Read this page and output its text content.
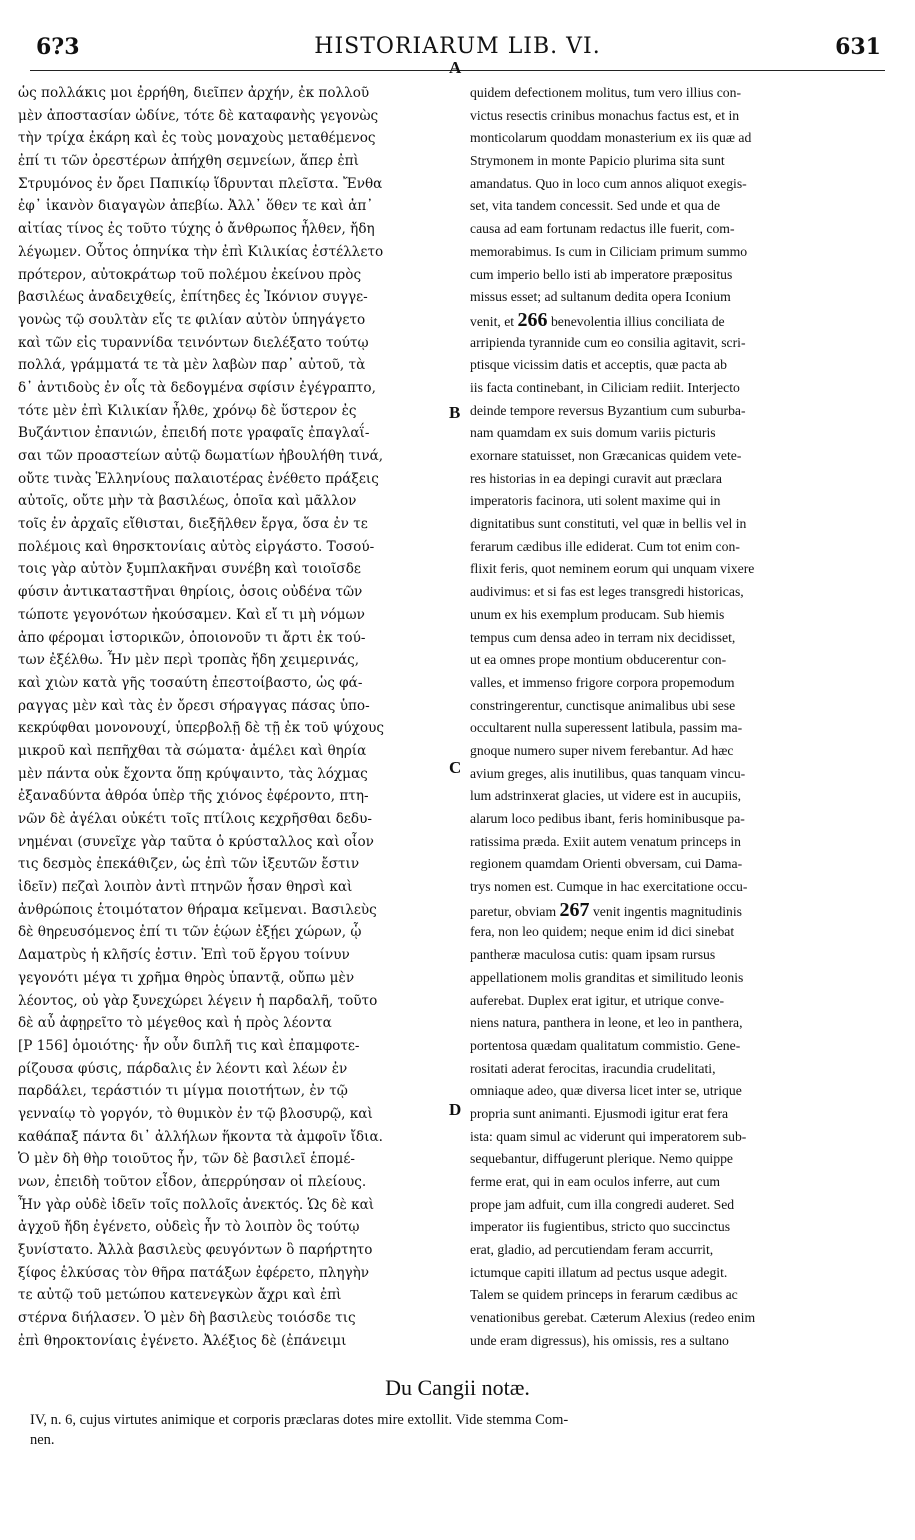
6?3	HISTORIARUM LIB. VI.	631
ὡς πολλάκις μοι ἐρρήθη, διεῖπεν ἀρχήν, ἐκ πολλοῦ
μὲν ἀποστασίαν ὠδίνε, τότε δὲ καταφανὴς γεγονὼς
τὴν τρίχα ἐκάρη καὶ ἐς τοὺς μοναχοὺς μεταθέμενος
ἐπί τι τῶν ὀρεστέρων ἀπήχθη σεμνείων, ἅπερ ἐπὶ
Στρυμόνος ἐν ὄρει Παπικίῳ ἵδρυνται πλεῖστα. Ἔνθα
ἐφ᾽ ἱκανὸν διαγαγὼν ἀπεβίω. Ἀλλ᾽ ὅθεν τε καὶ ἀπ᾽
αἰτίας τίνος ἐς τοῦτο τύχης ὁ ἄνθρωπος ἦλθεν, ἤδη
λέγωμεν. Οὗτος ὁπηνίκα τὴν ἐπὶ Κιλικίας ἐστέλλετο
πρότερον, αὐτοκράτωρ τοῦ πολέμου ἐκείνου πρὸς
βασιλέως ἀναδειχθείς, ἐπίτηδες ἐς Ἰκόνιον συγγε-
γονὼς τῷ σουλτὰν εἴς τε φιλίαν αὐτὸν ὑπηγάγετο
καὶ τῶν εἰς τυραννίδα τεινόντων διελέξατο τούτῳ
πολλά, γράμματά τε τὰ μὲν λαβὼν παρ᾽ αὐτοῦ, τὰ
δ᾽ ἀντιδοὺς ἐν οἷς τὰ δεδογμένα σφίσιν ἐγέγραπτο,
τότε μὲν ἐπὶ Κιλικίαν ἦλθε, χρόνῳ δὲ ὕστερον ἐς
Βυζάντιον ἐπανιών, ἐπειδή ποτε γραφαῖς ἐπαγλαΐ-
σαι τῶν προαστείων αὐτῷ δωματίων ἠβουλήθη τινά,
οὔτε τινὰς Ἑλληνίους παλαιοτέρας ἐνέθετο πράξεις
αὐτοῖς, οὔτε μὴν τὰ βασιλέως, ὁποῖα καὶ μᾶλλον
τοῖς ἐν ἀρχαῖς εἴθισται, διεξῆλθεν ἔργα, ὅσα ἐν τε
πολέμοις καὶ θηρσκτονίαις αὐτὸς εἰργάστο. Τοσού-
τοις γὰρ αὐτὸν ξυμπλακῆναι συνέβη καὶ τοιοῖσδε
φύσιν ἀντικαταστῆναι θηρίοις, ὁσοις οὐδένα τῶν
τώποτε γεγονότων ἠκούσαμεν. Καὶ εἴ τι μὴ νόμων
ἀπο φέρομαι ἱστορικῶν, ὁποιονοῦν τι ἄρτι ἐκ τού-
των ἐξέλθω. Ἦν μὲν περὶ τροπὰς ἤδη χειμερινάς,
καὶ χιὼν κατὰ γῆς τοσαύτη ἐπεστοίβαστο, ὡς φά-
ραγγας μὲν καὶ τὰς ἐν ὄρεσι σήραγγας πάσας ὑπο-
κεκρύφθαι μονονουχί, ὑπερβολῇ δὲ τῇ ἐκ τοῦ ψύχους
μικροῦ καὶ πεπῆχθαι τὰ σώματα· ἀμέλει καὶ θηρία
μὲν πάντα οὐκ ἔχοντα ὅπῃ κρύψαιντο, τὰς λόχμας
ἐξαναδύντα ἀθρόα ὑπὲρ τῆς χιόνος ἐφέροντο, πτη-
νῶν δὲ ἀγέλαι οὐκέτι τοῖς πτίλοις κεχρῆσθαι δεδυ-
νημέναι (συνεῖχε γὰρ ταῦτα ὁ κρύσταλλος καὶ οἷον
τις δεσμὸς ἐπεκάθιζεν, ὡς ἐπὶ τῶν ἰξευτῶν ἔστιν
ἰδεῖν) πεζαὶ λοιπὸν ἀντὶ πτηνῶν ἦσαν θηρσὶ καὶ
ἀνθρώποις ἑτοιμότατον θήραμα κεῖμεναι. Βασιλεὺς
δὲ θηρευσόμενος ἐπί τι τῶν ἑῴων ἐξῄει χώρων, ᾧ
Δαματρὺς ἡ κλῆσίς ἐστιν. Ἐπὶ τοῦ ἔργου τοίνυν
γεγονότι μέγα τι χρῆμα θηρὸς ὑπαντᾷ, οὔπω μὲν
λέοντος, οὐ γὰρ ξυνεχώρει λέγειν ἡ παρδαλῆ, τοῦτο
δὲ αὖ ἀφῃρεῖτο τὸ μέγεθος καὶ ἡ πρὸς λέοντα
[P 156] ὁμοιότης· ἦν οὖν διπλῆ τις καὶ ἐπαμφοτε-
ρίζουσα φύσις, πάρδαλις ἐν λέοντι καὶ λέων ἐν
παρδάλει, τεράστιόν τι μίγμα ποιοτήτων, ἐν τῷ
γενναίῳ τὸ γοργόν, τὸ θυμικὸν ἐν τῷ βλοσυρῷ, καὶ
καθάπαξ πάντα δι᾽ ἀλλήλων ἥκοντα τὰ ἀμφοῖν ἴδια.
Ὁ μὲν δὴ θὴρ τοιοῦτος ἦν, τῶν δὲ βασιλεῖ ἑπομέ-
νων, ἐπειδὴ τοῦτον εἶδον, ἀπερρύησαν οἱ πλείους.
Ἦν γὰρ οὐδὲ ἰδεῖν τοῖς πολλοῖς ἀνεκτός. Ὡς δὲ καὶ
ἀγχοῦ ἤδη ἐγένετο, οὐδεὶς ἦν τὸ λοιπὸν ὃς τούτῳ
ξυνίστατο. Ἀλλὰ βασιλεὺς φευγόντων ὃ παρήρτητο
ξίφος ἑλκύσας τὸν θῆρα πατάξων ἐφέρετο, πληγὴν
τε αὐτῷ τοῦ μετώπου κατενεγκὼν ἄχρι καὶ ἐπὶ
στέρνα διήλασεν. Ὁ μὲν δὴ βασιλεὺς τοιόσδε τις
ἐπὶ θηροκτονίαις ἐγένετο. Ἀλέξιος δὲ (ἐπάνειμι
quidem defectionem molitus, tum vero illius con-
victus resectis crinibus monachus factus est, et in
monticolarum quoddam monasterium ex iis quæ ad
Strymonem in monte Papicio plurima sita sunt
amandatus. Quo in loco cum annos aliquot exegis-
set, vita tandem concessit. Sed unde et qua de
causa ad eam fortunam redactus ille fuerit, com-
memorabimus. Is cum in Ciliciam primum summo
cum imperio bello isti ab imperatore præpositus
missus esset; ad sultanum dedita opera Iconium
venit, et 266 benevolentia illius conciliata de
arripienda tyrannide cum eo consilia agitavit, scri-
ptisque vicissim datis et acceptis, quæ pacta ab
iis facta continebant, in Ciliciam rediit. Interjecto
deinde tempore reversus Byzantium cum suburba-
nam quamdam ex suis domum variis picturis
exornare statuisset, non Græcanicas quidem vete-
res historias in ea depingi curavit aut præclara
imperatoris facinora, uti solent maxime qui in
dignitatibus sunt constituti, vel quæ in bellis vel in
ferarum cædibus ille ediderat. Cum tot enim con-
flixit feris, quot neminem eorum qui unquam vixere
audivimus: et si fas est leges transgredi historicas,
unum ex his exemplum producam. Sub hiemis
tempus cum densa adeo in terram nix decidisset,
ut ea omnes prope montium obducerentur con-
valles, et immenso frigore corpora propemodum
constringerentur, cunctisque animalibus ubi sese
occultarent nulla superessent latibula, passim ma-
gnoque numero super nivem ferebantur. Ad hæc
avium greges, alis inutilibus, quas tanquam vincu-
lum adstrinxerat glacies, ut videre est in aucupiis,
alarum loco pedibus ibant, feris hominibusque pa-
ratissima præda. Exiit autem venatum princeps in
regionem quamdam Orienti obversam, cui Dama-
trys nomen est. Cumque in hac exercitatione occu-
paretur, obviam 267 venit ingentis magnitudinis
fera, non leo quidem; neque enim id dici sinebat
pantheræ maculosa cutis: quam ipsam rursus
appellationem molis granditas et similitudo leonis
auferebat. Duplex erat igitur, et utrique conve-
niens natura, panthera in leone, et leo in panthera,
portentosa quædam qualitatum commistio. Gene-
rositati aderat ferocitas, iracundia crudelitati,
omniaque adeo, quæ diversa licet inter se, utrique
propria sunt animanti. Ejusmodi igitur erat fera
ista: quam simul ac viderunt qui imperatorem sub-
sequebantur, diffugerunt plerique. Nemo quippe
ferme erat, qui in eam oculos inferre, aut cum
prope jam adfuit, cum illa congredi auderet. Sed
imperator iis fugientibus, stricto quo succinctus
erat, gladio, ad percutiendam feram accurrit,
ictumque capiti illatum ad pectus usque adegit.
Talem se quidem princeps in ferarum cædibus ac
venationibus gerebat. Cæterum Alexius (redeo enim
unde eram digressus), his omissis, res a sultano
A
B
C
D
Du Cangii notæ.
IV, n. 6, cujus virtutes animique et corporis præclaras dotes mire extollit. Vide stemma Com-
nen.
